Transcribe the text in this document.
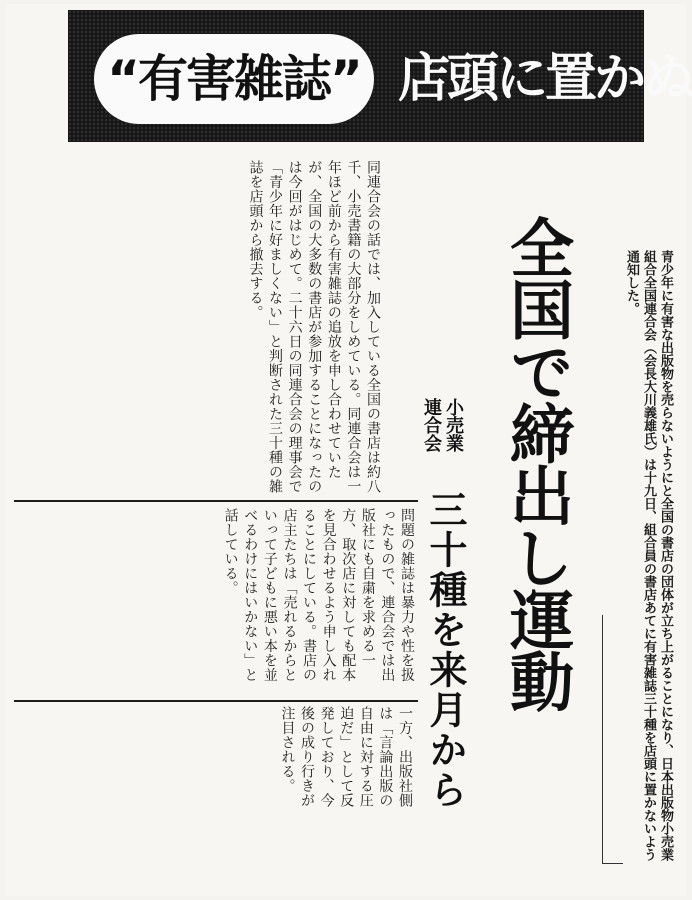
“有害雑誌” 店頭に置かぬ
全国で締出し運動
小売業
連合会
三十種を来月から	青少年に有害な出版物を売らないようにと全国の書店の団体が立ち上がることになり、日本出版物小売業組合全国連合会（会長大川義雄氏）は十九日、組合員の書店あてに有害雑誌三十種を店頭に置かないよう通知した。
同連合会の話では、加入している全国の書店は約八千、小売書籍の大部分をしめている。同連合会は一年ほど前から有害雑誌の追放を申し合わせていたが、全国の大多数の書店が参加することになったのは今回がはじめて。二十六日の同連合会の理事会で「青少年に好ましくない」と判断された三十種の雑誌を店頭から撤去する。
問題の雑誌は暴力や性を扱ったもので、連合会では出版社にも自粛を求める一方、取次店に対しても配本を見合わせるよう申し入れることにしている。書店の店主たちは「売れるからといって子どもに悪い本を並べるわけにはいかない」と話している。
一方、出版社側は「言論出版の自由に対する圧迫だ」として反発しており、今後の成り行きが注目される。
